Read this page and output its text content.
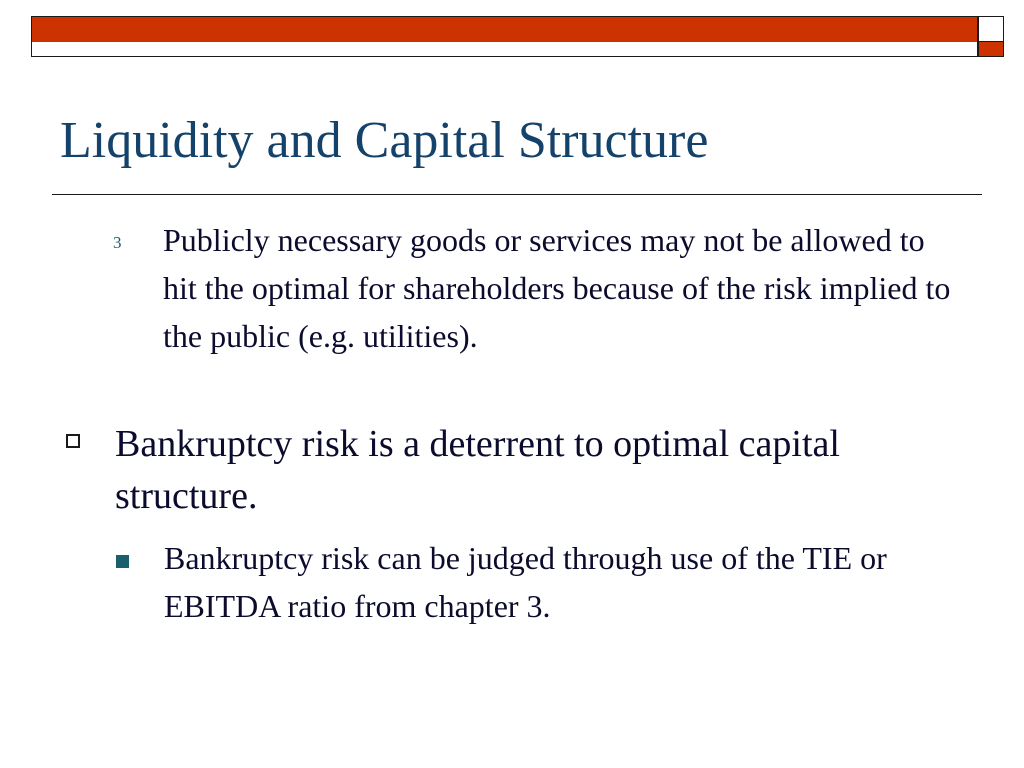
Liquidity and Capital Structure
3 Publicly necessary goods or services may not be allowed to hit the optimal for shareholders because of the risk implied to the public (e.g. utilities).
Bankruptcy risk is a deterrent to optimal capital structure.
Bankruptcy risk can be judged through use of the TIE or EBITDA ratio from chapter 3.
